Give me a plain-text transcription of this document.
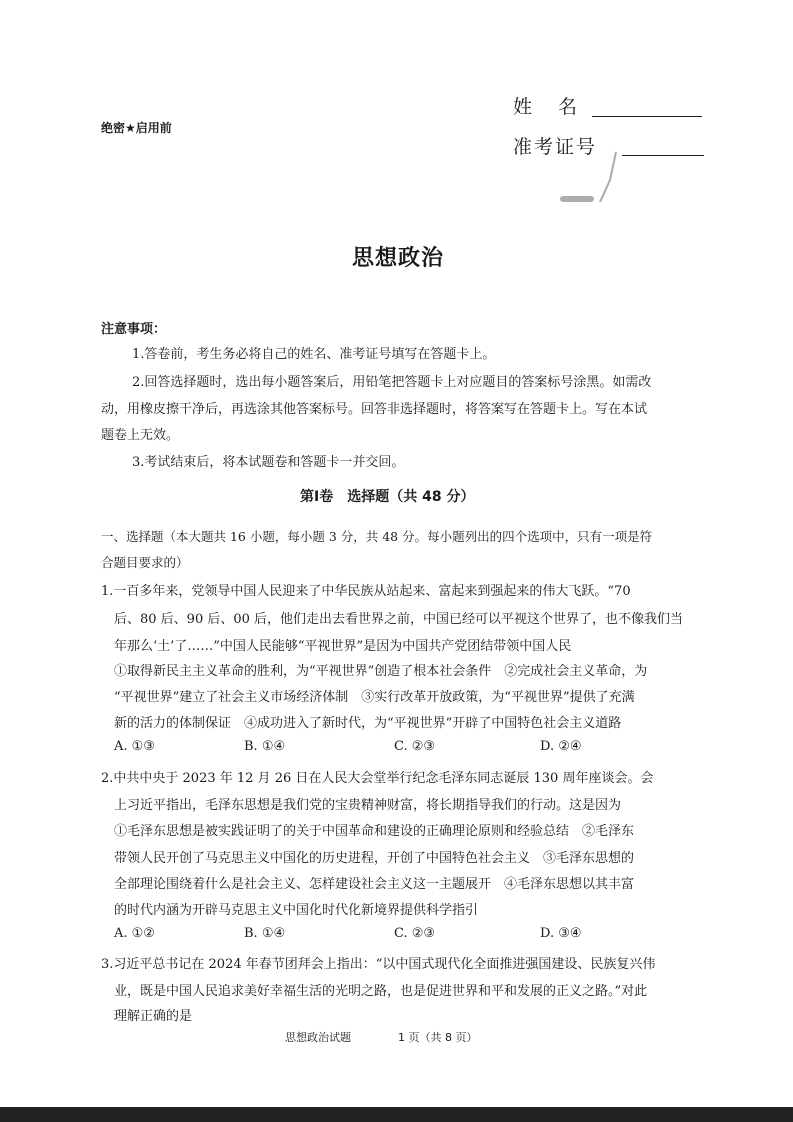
绝密★启用前
姓名
准考证号
思想政治
注意事项：
1.答卷前，考生务必将自己的姓名、准考证号填写在答题卡上。
2.回答选择题时，选出每小题答案后，用铅笔把答题卡上对应题目的答案标号涂黑。如需改
动，用橡皮擦干净后，再选涂其他答案标号。回答非选择题时，将答案写在答题卡上。写在本试
题卷上无效。
3.考试结束后，将本试题卷和答题卡一并交回。
第Ⅰ卷　选择题（共 48 分）
一、选择题（本大题共 16 小题，每小题 3 分，共 48 分。每小题列出的四个选项中，只有一项是符
合题目要求的）
1.一百多年来，党领导中国人民迎来了中华民族从站起来、富起来到强起来的伟大飞跃。“70
后、80 后、90 后、00 后，他们走出去看世界之前，中国已经可以平视这个世界了，也不像我们当
年那么‘土’了……”中国人民能够“平视世界”是因为中国共产党团结带领中国人民
①取得新民主主义革命的胜利，为“平视世界”创造了根本社会条件　②完成社会主义革命，为
“平视世界”建立了社会主义市场经济体制　③实行改革开放政策，为“平视世界”提供了充满
新的活力的体制保证　④成功进入了新时代，为“平视世界”开辟了中国特色社会主义道路
A. ①③	B. ①④	C. ②③	D. ②④
2.中共中央于 2023 年 12 月 26 日在人民大会堂举行纪念毛泽东同志诞辰 130 周年座谈会。会
上习近平指出，毛泽东思想是我们党的宝贵精神财富，将长期指导我们的行动。这是因为
①毛泽东思想是被实践证明了的关于中国革命和建设的正确理论原则和经验总结　②毛泽东
带领人民开创了马克思主义中国化的历史进程，开创了中国特色社会主义　③毛泽东思想的
全部理论围绕着什么是社会主义、怎样建设社会主义这一主题展开　④毛泽东思想以其丰富
的时代内涵为开辟马克思主义中国化时代化新境界提供科学指引
A. ①②	B. ①④	C. ②③	D. ③④
3.习近平总书记在 2024 年春节团拜会上指出：“以中国式现代化全面推进强国建设、民族复兴伟
业，既是中国人民追求美好幸福生活的光明之路，也是促进世界和平和发展的正义之路。”对此
理解正确的是
思想政治试题	1 页（共 8 页）
